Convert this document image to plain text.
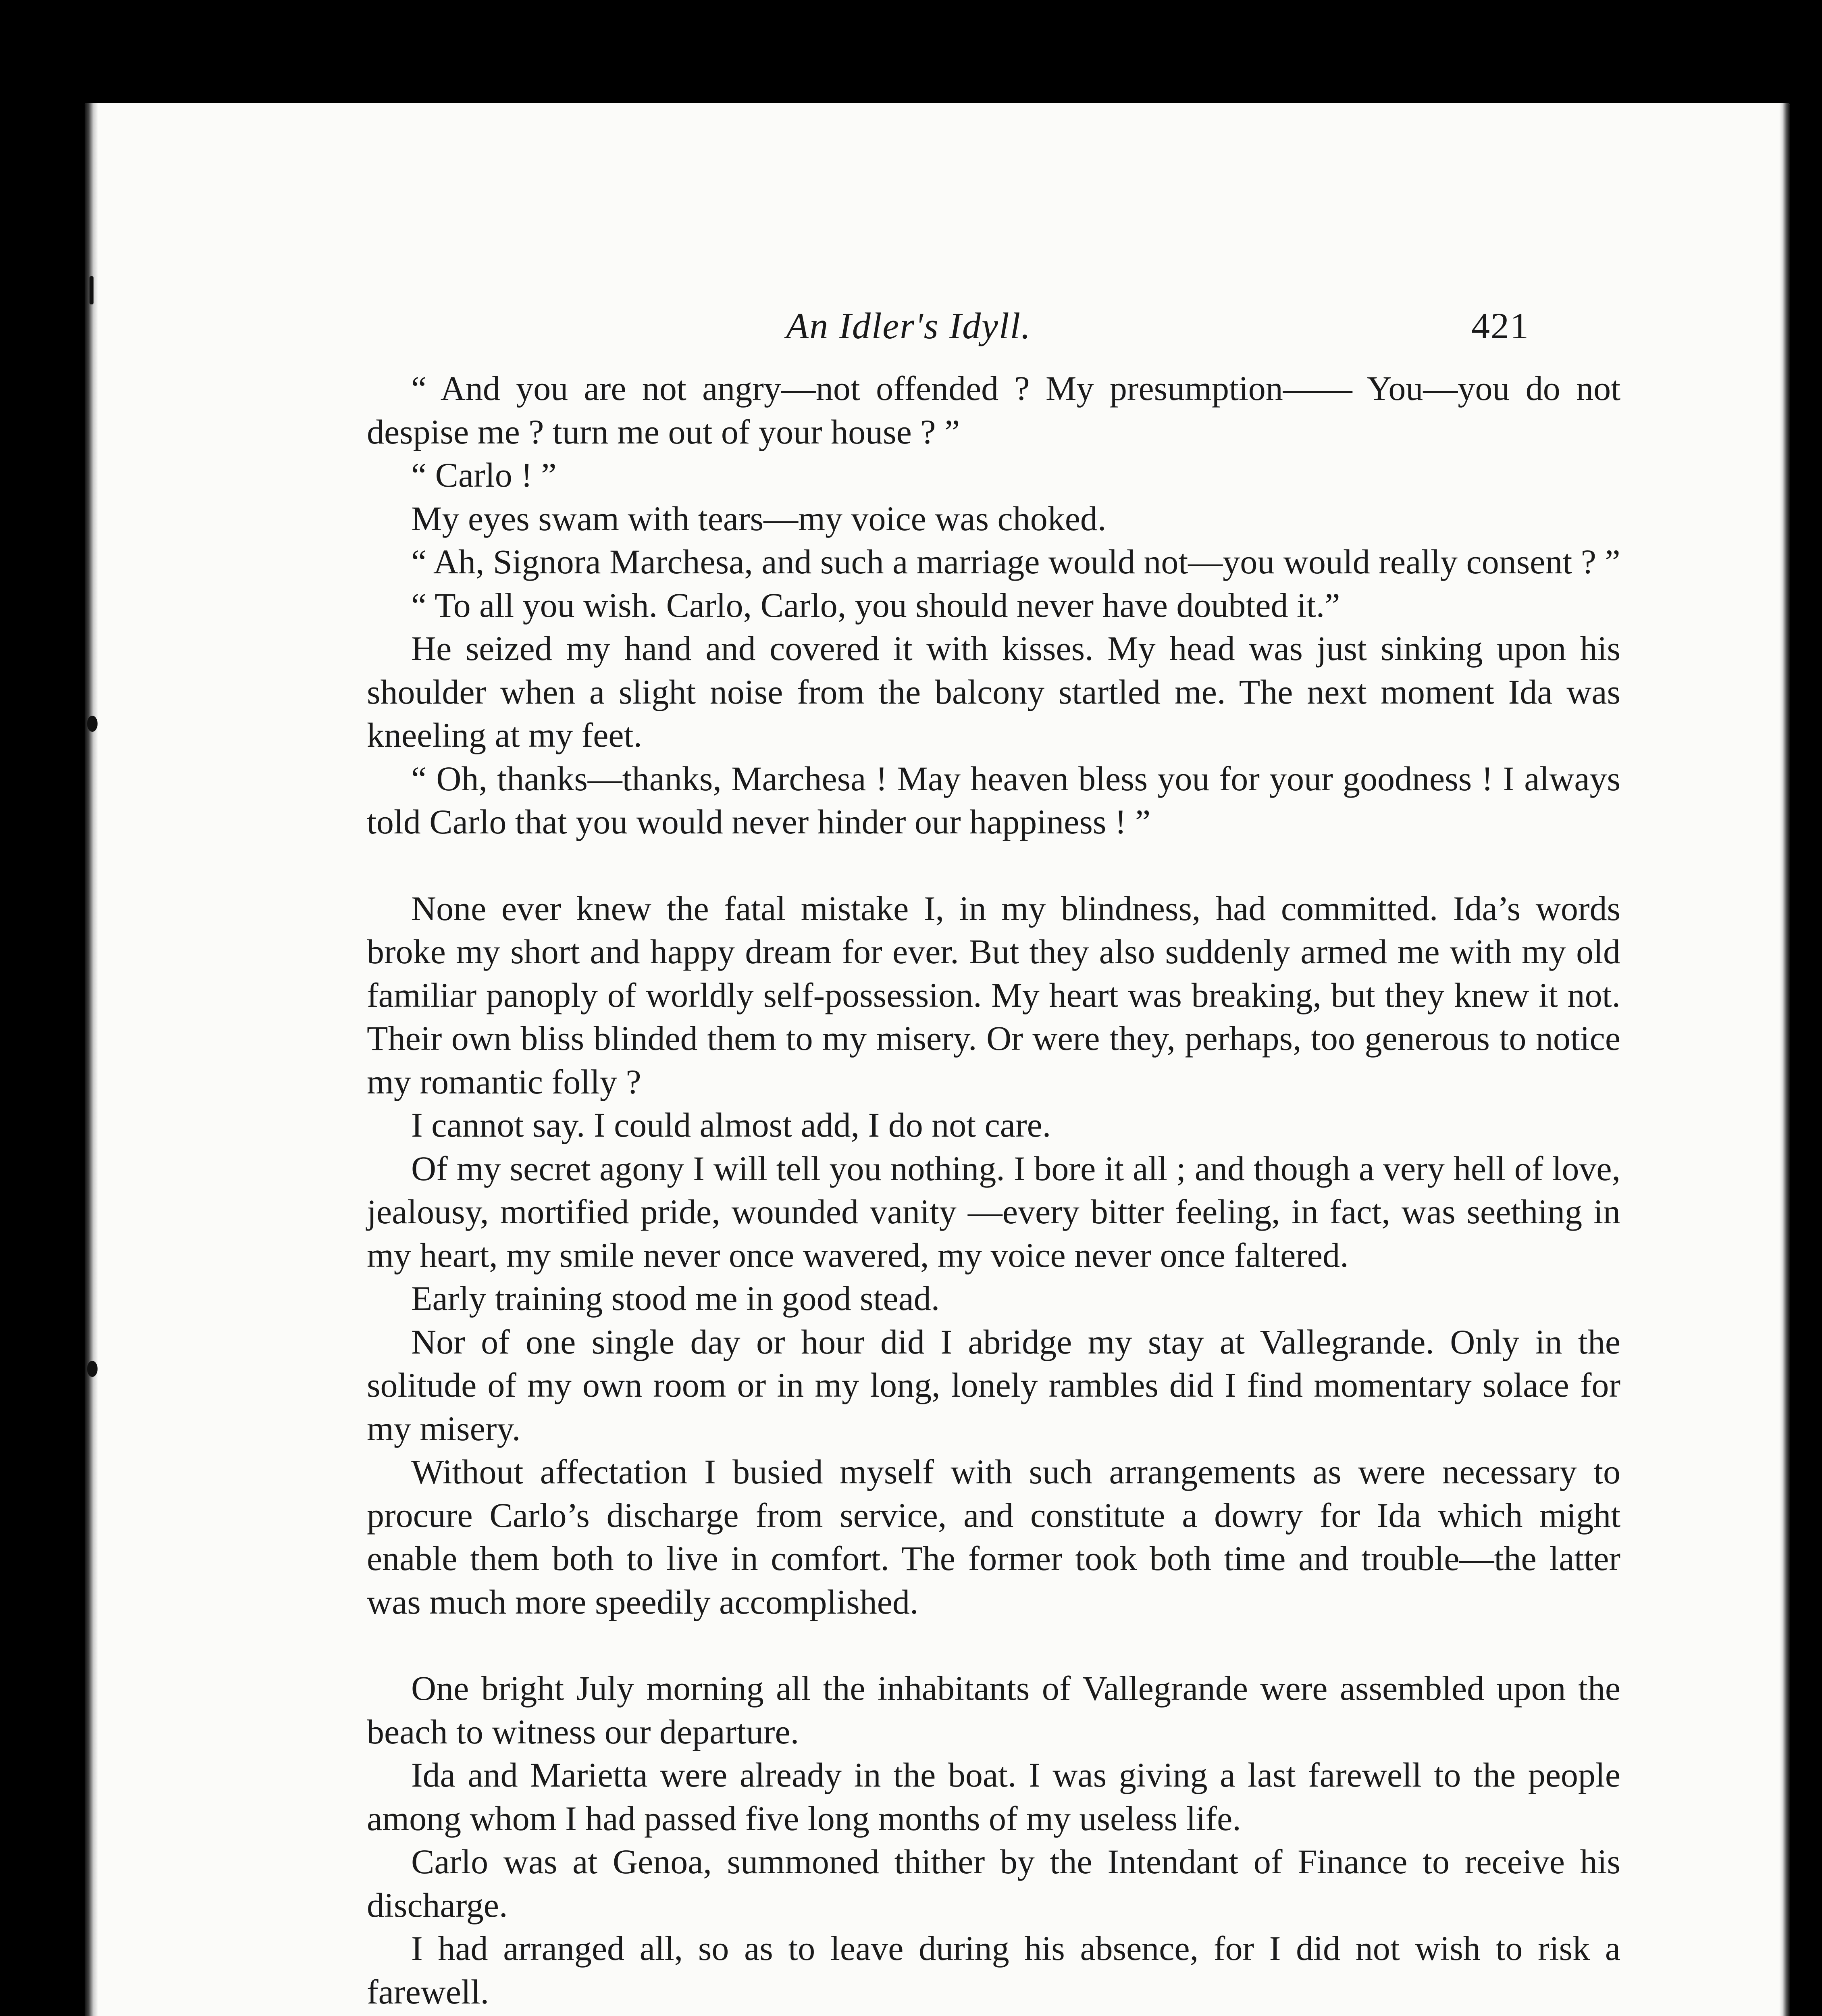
An Idler's Idyll.	421

“ And you are not angry—not offended ? My presumption—— You—you do not despise me ? turn me out of your house ? ”

“ Carlo ! ”

My eyes swam with tears—my voice was choked.

“ Ah, Signora Marchesa, and such a marriage would not—you would really consent ? ”

“ To all you wish. Carlo, Carlo, you should never have doubted it.”

He seized my hand and covered it with kisses. My head was just sinking upon his shoulder when a slight noise from the balcony startled me. The next moment Ida was kneeling at my feet.

“ Oh, thanks—thanks, Marchesa ! May heaven bless you for your goodness ! I always told Carlo that you would never hinder our happiness ! ”

None ever knew the fatal mistake I, in my blindness, had committed. Ida’s words broke my short and happy dream for ever. But they also suddenly armed me with my old familiar panoply of worldly self-possession. My heart was breaking, but they knew it not. Their own bliss blinded them to my misery. Or were they, perhaps, too generous to notice my romantic folly ?

I cannot say. I could almost add, I do not care.

Of my secret agony I will tell you nothing. I bore it all ; and though a very hell of love, jealousy, mortified pride, wounded vanity —every bitter feeling, in fact, was seething in my heart, my smile never once wavered, my voice never once faltered.

Early training stood me in good stead.

Nor of one single day or hour did I abridge my stay at Vallegrande. Only in the solitude of my own room or in my long, lonely rambles did I find momentary solace for my misery.

Without affectation I busied myself with such arrangements as were necessary to procure Carlo’s discharge from service, and constitute a dowry for Ida which might enable them both to live in comfort. The former took both time and trouble—the latter was much more speedily accomplished.

One bright July morning all the inhabitants of Vallegrande were assembled upon the beach to witness our departure.

Ida and Marietta were already in the boat. I was giving a last farewell to the people among whom I had passed five long months of my useless life.

Carlo was at Genoa, summoned thither by the Intendant of Finance to receive his discharge.

I had arranged all, so as to leave during his absence, for I did not wish to risk a farewell.
